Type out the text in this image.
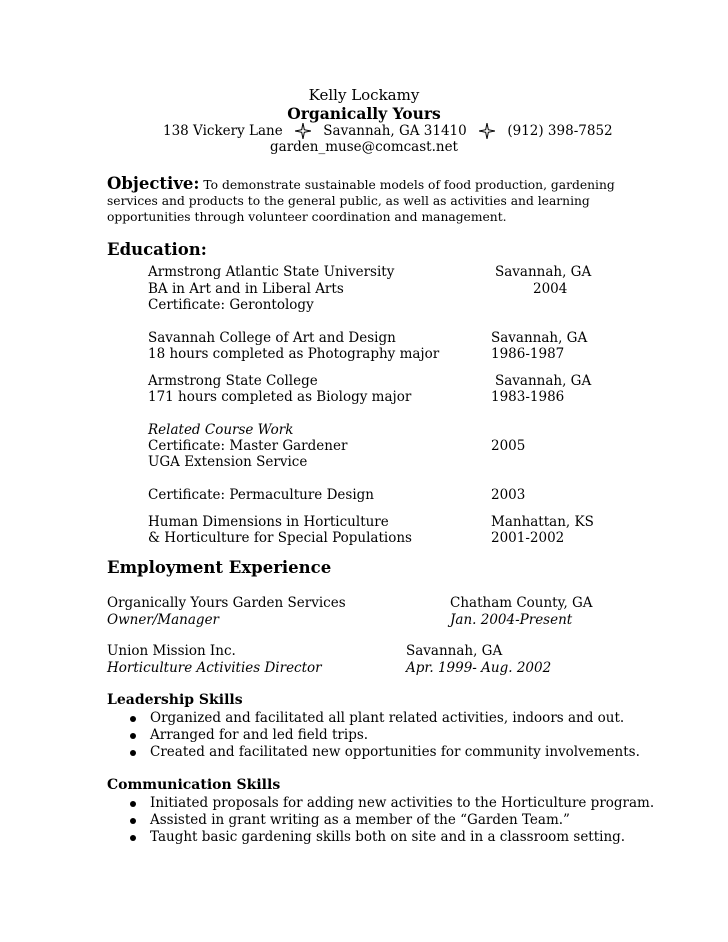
Kelly Lockamy
Organically Yours
138 Vickery Lane	Savannah, GA 31410	(912) 398-7852
garden_muse@comcast.net
Objective: To demonstrate sustainable models of food production, gardening services and products to the general public, as well as activities and learning opportunities through volunteer coordination and management.
Education:
Armstrong Atlantic State University	Savannah, GA
BA in Art and in Liberal Arts	2004
Certificate: Gerontology
Savannah College of Art and Design	Savannah, GA
18 hours completed as Photography major	1986-1987
Armstrong State College	Savannah, GA
171 hours completed as Biology major	1983-1986
Related Course Work
Certificate: Master Gardener	2005
UGA Extension Service
Certificate: Permaculture Design	2003
Human Dimensions in Horticulture	Manhattan, KS
& Horticulture for Special Populations	2001-2002
Employment Experience
Organically Yours Garden Services	Chatham County, GA
Owner/Manager	Jan. 2004-Present
Union Mission Inc.	Savannah, GA
Horticulture Activities Director	Apr. 1999- Aug. 2002
Leadership Skills
Organized and facilitated all plant related activities, indoors and out.
Arranged for and led field trips.
Created and facilitated new opportunities for community involvements.
Communication Skills
Initiated proposals for adding new activities to the Horticulture program.
Assisted in grant writing as a member of the “Garden Team.”
Taught basic gardening skills both on site and in a classroom setting.
